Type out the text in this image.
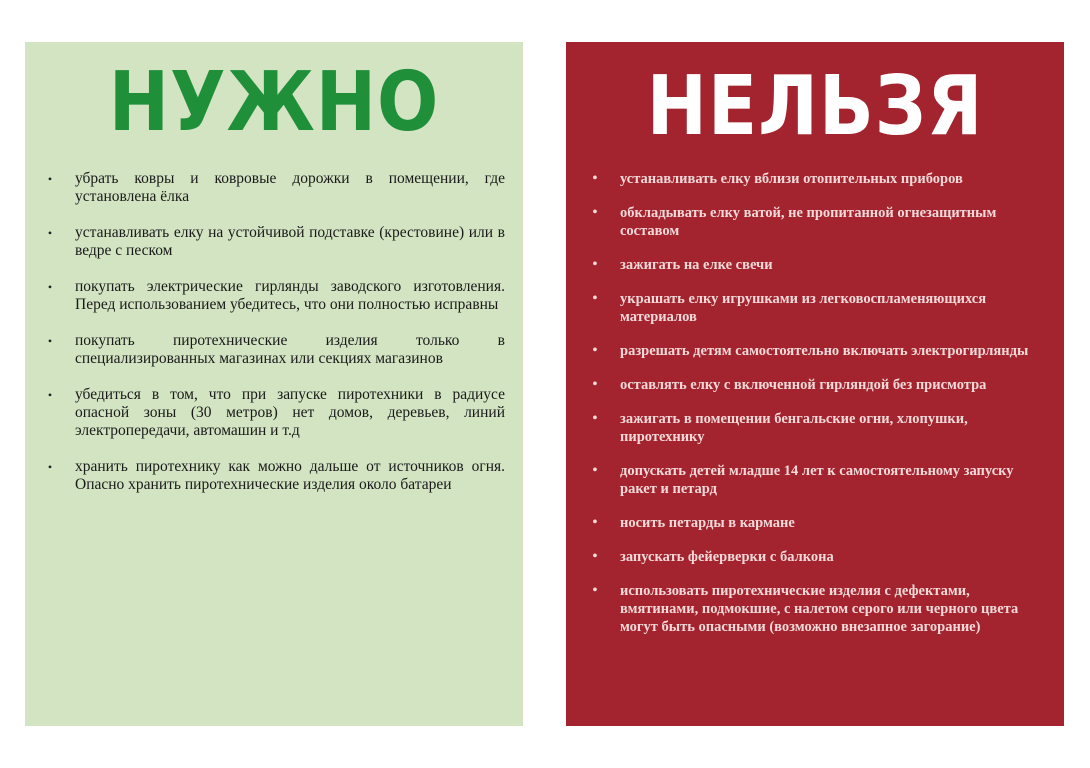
НУЖНО
•	убрать ковры и ковровые дорожки в помещении, где установлена ёлка
•	устанавливать елку на устойчивой подставке (крестовине) или в ведре с песком
•	покупать электрические гирлянды заводского изготовления. Перед использованием убедитесь, что они полностью исправны
•	покупать пиротехнические изделия только в специализированных магазинах или секциях магазинов
•	убедиться в том, что при запуске пиротехники в радиусе опасной зоны (30 метров) нет домов, деревьев, линий электропередачи, автомашин и т.д
•	хранить пиротехнику как можно дальше от источников огня. Опасно хранить пиротехнические изделия около батареи
НЕЛЬЗЯ
•	устанавливать елку вблизи отопительных приборов
•	обкладывать елку ватой, не пропитанной огнезащитным составом
•	зажигать на елке свечи
•	украшать елку игрушками из легковоспламеняющихся материалов
•	разрешать детям самостоятельно включать электрогирлянды
•	оставлять елку с включенной гирляндой без присмотра
•	зажигать в помещении бенгальские огни, хлопушки, пиротехнику
•	допускать детей младше 14 лет к самостоятельному запуску ракет и петард
•	носить петарды в кармане
•	запускать фейерверки с балкона
•	использовать пиротехнические изделия с дефектами, вмятинами, подмокшие, с налетом серого или черного цвета могут быть опасными (возможно внезапное загорание)
